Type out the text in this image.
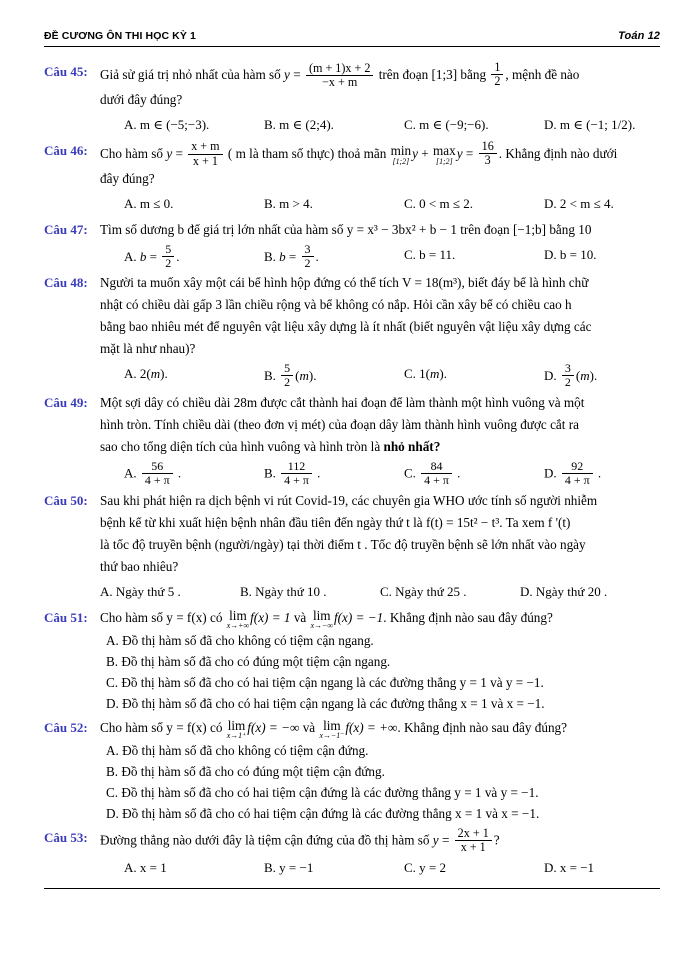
ĐỀ CƯƠNG ÔN THI HỌC KỲ 1	Toán 12
Câu 45: Giả sử giá trị nhỏ nhất của hàm số $y = \frac{(m + 1)x + 2}{-x + m}$ trên đoạn [1;3] bằng $\frac{1}{2}$ , mệnh đề nào

dưới đây đúng?

A. m ∈ (−5;−3).	B. m ∈ (2;4).	C. m ∈ (−9;−6).	D. m ∈ (−1; 1/2).
Câu 46: Cho hàm số $y = \frac{x + m}{x + 1}$ ( m là tham số thực) thoả mãn min
[1;2]
y + max
[1;2]
$y = \frac{16}{3}$ . Khẳng định nào dưới

đây đúng?

A. m ≤ 0.	B. m > 4.	C. 0 < m ≤ 2.	D. 2 < m ≤ 4.
Câu 47: Tìm số dương b để giá trị lớn nhất của hàm số y = x³ − 3bx² + b − 1 trên đoạn [−1;b] bằng 10

A. $b = \frac{5}{2}$ .	B. $b = \frac{3}{2}$ .	C. b = 11.	D. b = 10.
Câu 48: Người ta muốn xây một cái bể hình hộp đứng có thể tích V = 18(m³), biết đáy bể là hình chữ

nhật có chiều dài gấp 3 lần chiều rộng và bể không có nắp. Hỏi cần xây bể có chiều cao h

bằng bao nhiêu mét để nguyên vật liệu xây dựng là ít nhất (biết nguyên vật liệu xây dựng các

mặt là như nhau)?

A. 2(m).	B. $\frac{5}{2} (m)$.	C. 1(m).	D. $\frac{3}{2} (m)$.
Câu 49: Một sợi dây có chiều dài 28m được cắt thành hai đoạn để làm thành một hình vuông và một

hình tròn. Tính chiều dài (theo đơn vị mét) của đoạn dây làm thành hình vuông được cắt ra

sao cho tổng diện tích của hình vuông và hình tròn là nhỏ nhất?

A. $\frac{56}{4 + \pi}$ .	B. $\frac{112}{4 + \pi}$ .	C. $\frac{84}{4 + \pi}$ .	D. $\frac{92}{4 + \pi}$ .
Câu 50: Sau khi phát hiện ra dịch bệnh vi rút Covid-19, các chuyên gia WHO ước tính số người nhiễm

bệnh kể từ khi xuất hiện bệnh nhân đầu tiên đến ngày thứ t là f(t) = 15t² − t³. Ta xem f '(t)

là tốc độ truyền bệnh (người/ngày) tại thời điểm t . Tốc độ truyền bệnh sẽ lớn nhất vào ngày

thứ bao nhiêu?

A. Ngày thứ 5 .	B. Ngày thứ 10 .	C. Ngày thứ 25 .	D. Ngày thứ 20 .
Câu 51: Cho hàm số y = f(x) có lim
x→+∞
f(x) = 1 và lim
x→−∞
f(x) = −1. Khẳng định nào sau đây đúng?

A. Đồ thị hàm số đã cho không có tiệm cận ngang.
B. Đồ thị hàm số đã cho có đúng một tiệm cận ngang.
C. Đồ thị hàm số đã cho có hai tiệm cận ngang là các đường thẳng y = 1 và y = −1.
D. Đồ thị hàm số đã cho có hai tiệm cận ngang là các đường thẳng x = 1 và x = −1.
Câu 52: Cho hàm số y = f(x) có lim
x→1⁺
f(x) = −∞ và lim
x→−1⁻
f(x) = +∞. Khẳng định nào sau đây đúng?

A. Đồ thị hàm số đã cho không có tiệm cận đứng.
B. Đồ thị hàm số đã cho có đúng một tiệm cận đứng.
C. Đồ thị hàm số đã cho có hai tiệm cận đứng là các đường thẳng y = 1 và y = −1.
D. Đồ thị hàm số đã cho có hai tiệm cận đứng là các đường thẳng x = 1 và x = −1.
Câu 53: Đường thẳng nào dưới đây là tiệm cận đứng của đồ thị hàm số $y = \frac{2x + 1}{x + 1}$ ?

A. x = 1	B. y = −1	C. y = 2	D. x = −1
